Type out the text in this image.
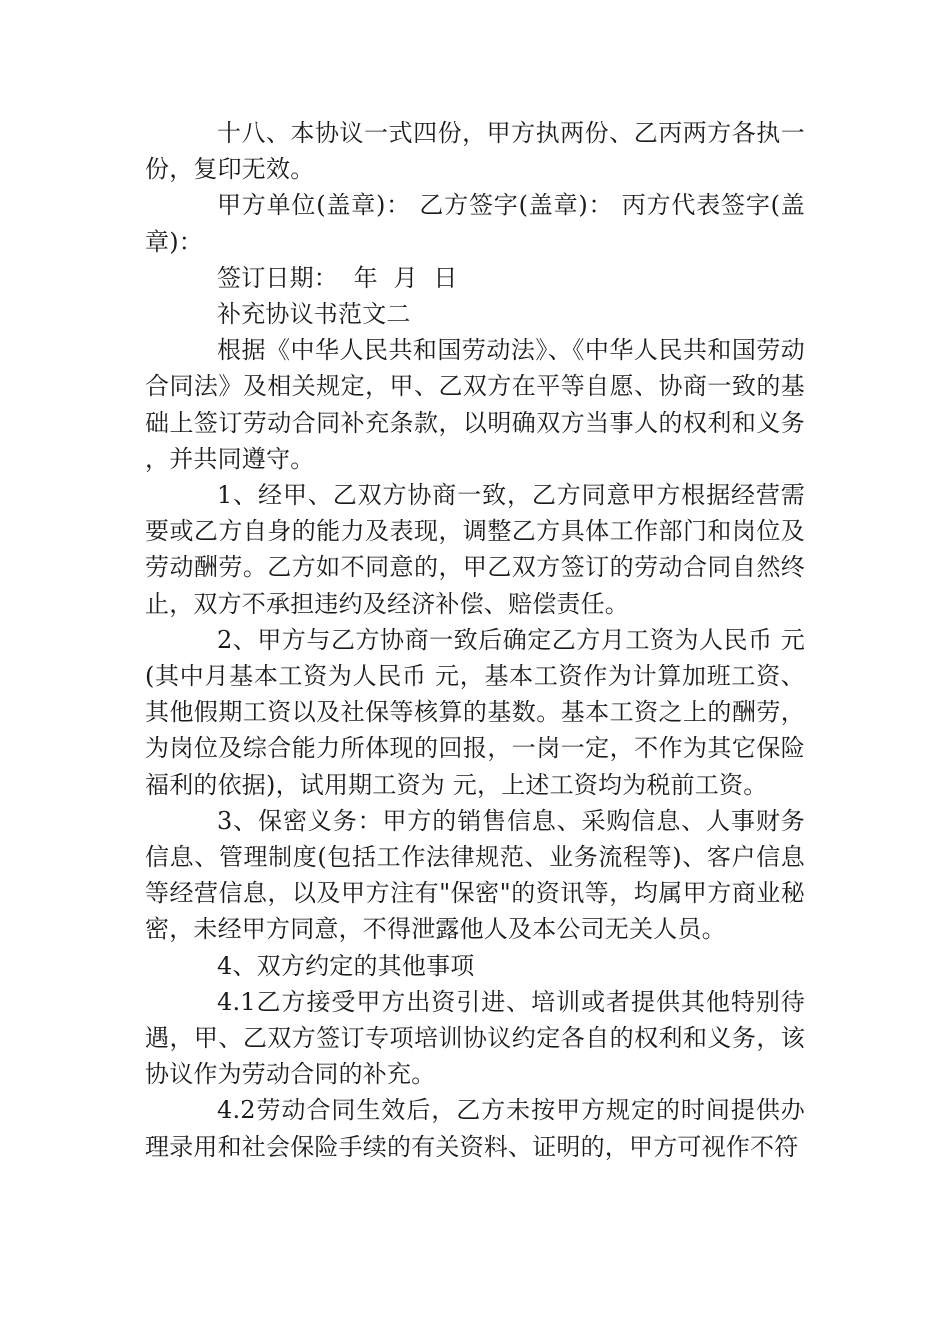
十八、本协议一式四份，甲方执两份、乙丙两方各执一份，复印无效。

甲方单位(盖章)： 乙方签字(盖章)： 丙方代表签字(盖章)：

签订日期：  年  月  日

补充协议书范文二

根据《中华人民共和国劳动法》、《中华人民共和国劳动合同法》及相关规定，甲、乙双方在平等自愿、协商一致的基础上签订劳动合同补充条款，以明确双方当事人的权利和义务，并共同遵守。

1、经甲、乙双方协商一致，乙方同意甲方根据经营需要或乙方自身的能力及表现，调整乙方具体工作部门和岗位及劳动酬劳。乙方如不同意的，甲乙双方签订的劳动合同自然终止，双方不承担违约及经济补偿、赔偿责任。

2、甲方与乙方协商一致后确定乙方月工资为人民币 元(其中月基本工资为人民币 元，基本工资作为计算加班工资、其他假期工资以及社保等核算的基数。基本工资之上的酬劳，为岗位及综合能力所体现的回报，一岗一定，不作为其它保险福利的依据)，试用期工资为 元，上述工资均为税前工资。

3、保密义务：甲方的销售信息、采购信息、人事财务信息、管理制度(包括工作法律规范、业务流程等)、客户信息等经营信息，以及甲方注有"保密"的资讯等，均属甲方商业秘密，未经甲方同意，不得泄露他人及本公司无关人员。

4、双方约定的其他事项

4.1乙方接受甲方出资引进、培训或者提供其他特别待遇，甲、乙双方签订专项培训协议约定各自的权利和义务，该协议作为劳动合同的补充。

4.2劳动合同生效后，乙方未按甲方规定的时间提供办理录用和社会保险手续的有关资料、证明的，甲方可视作不符
